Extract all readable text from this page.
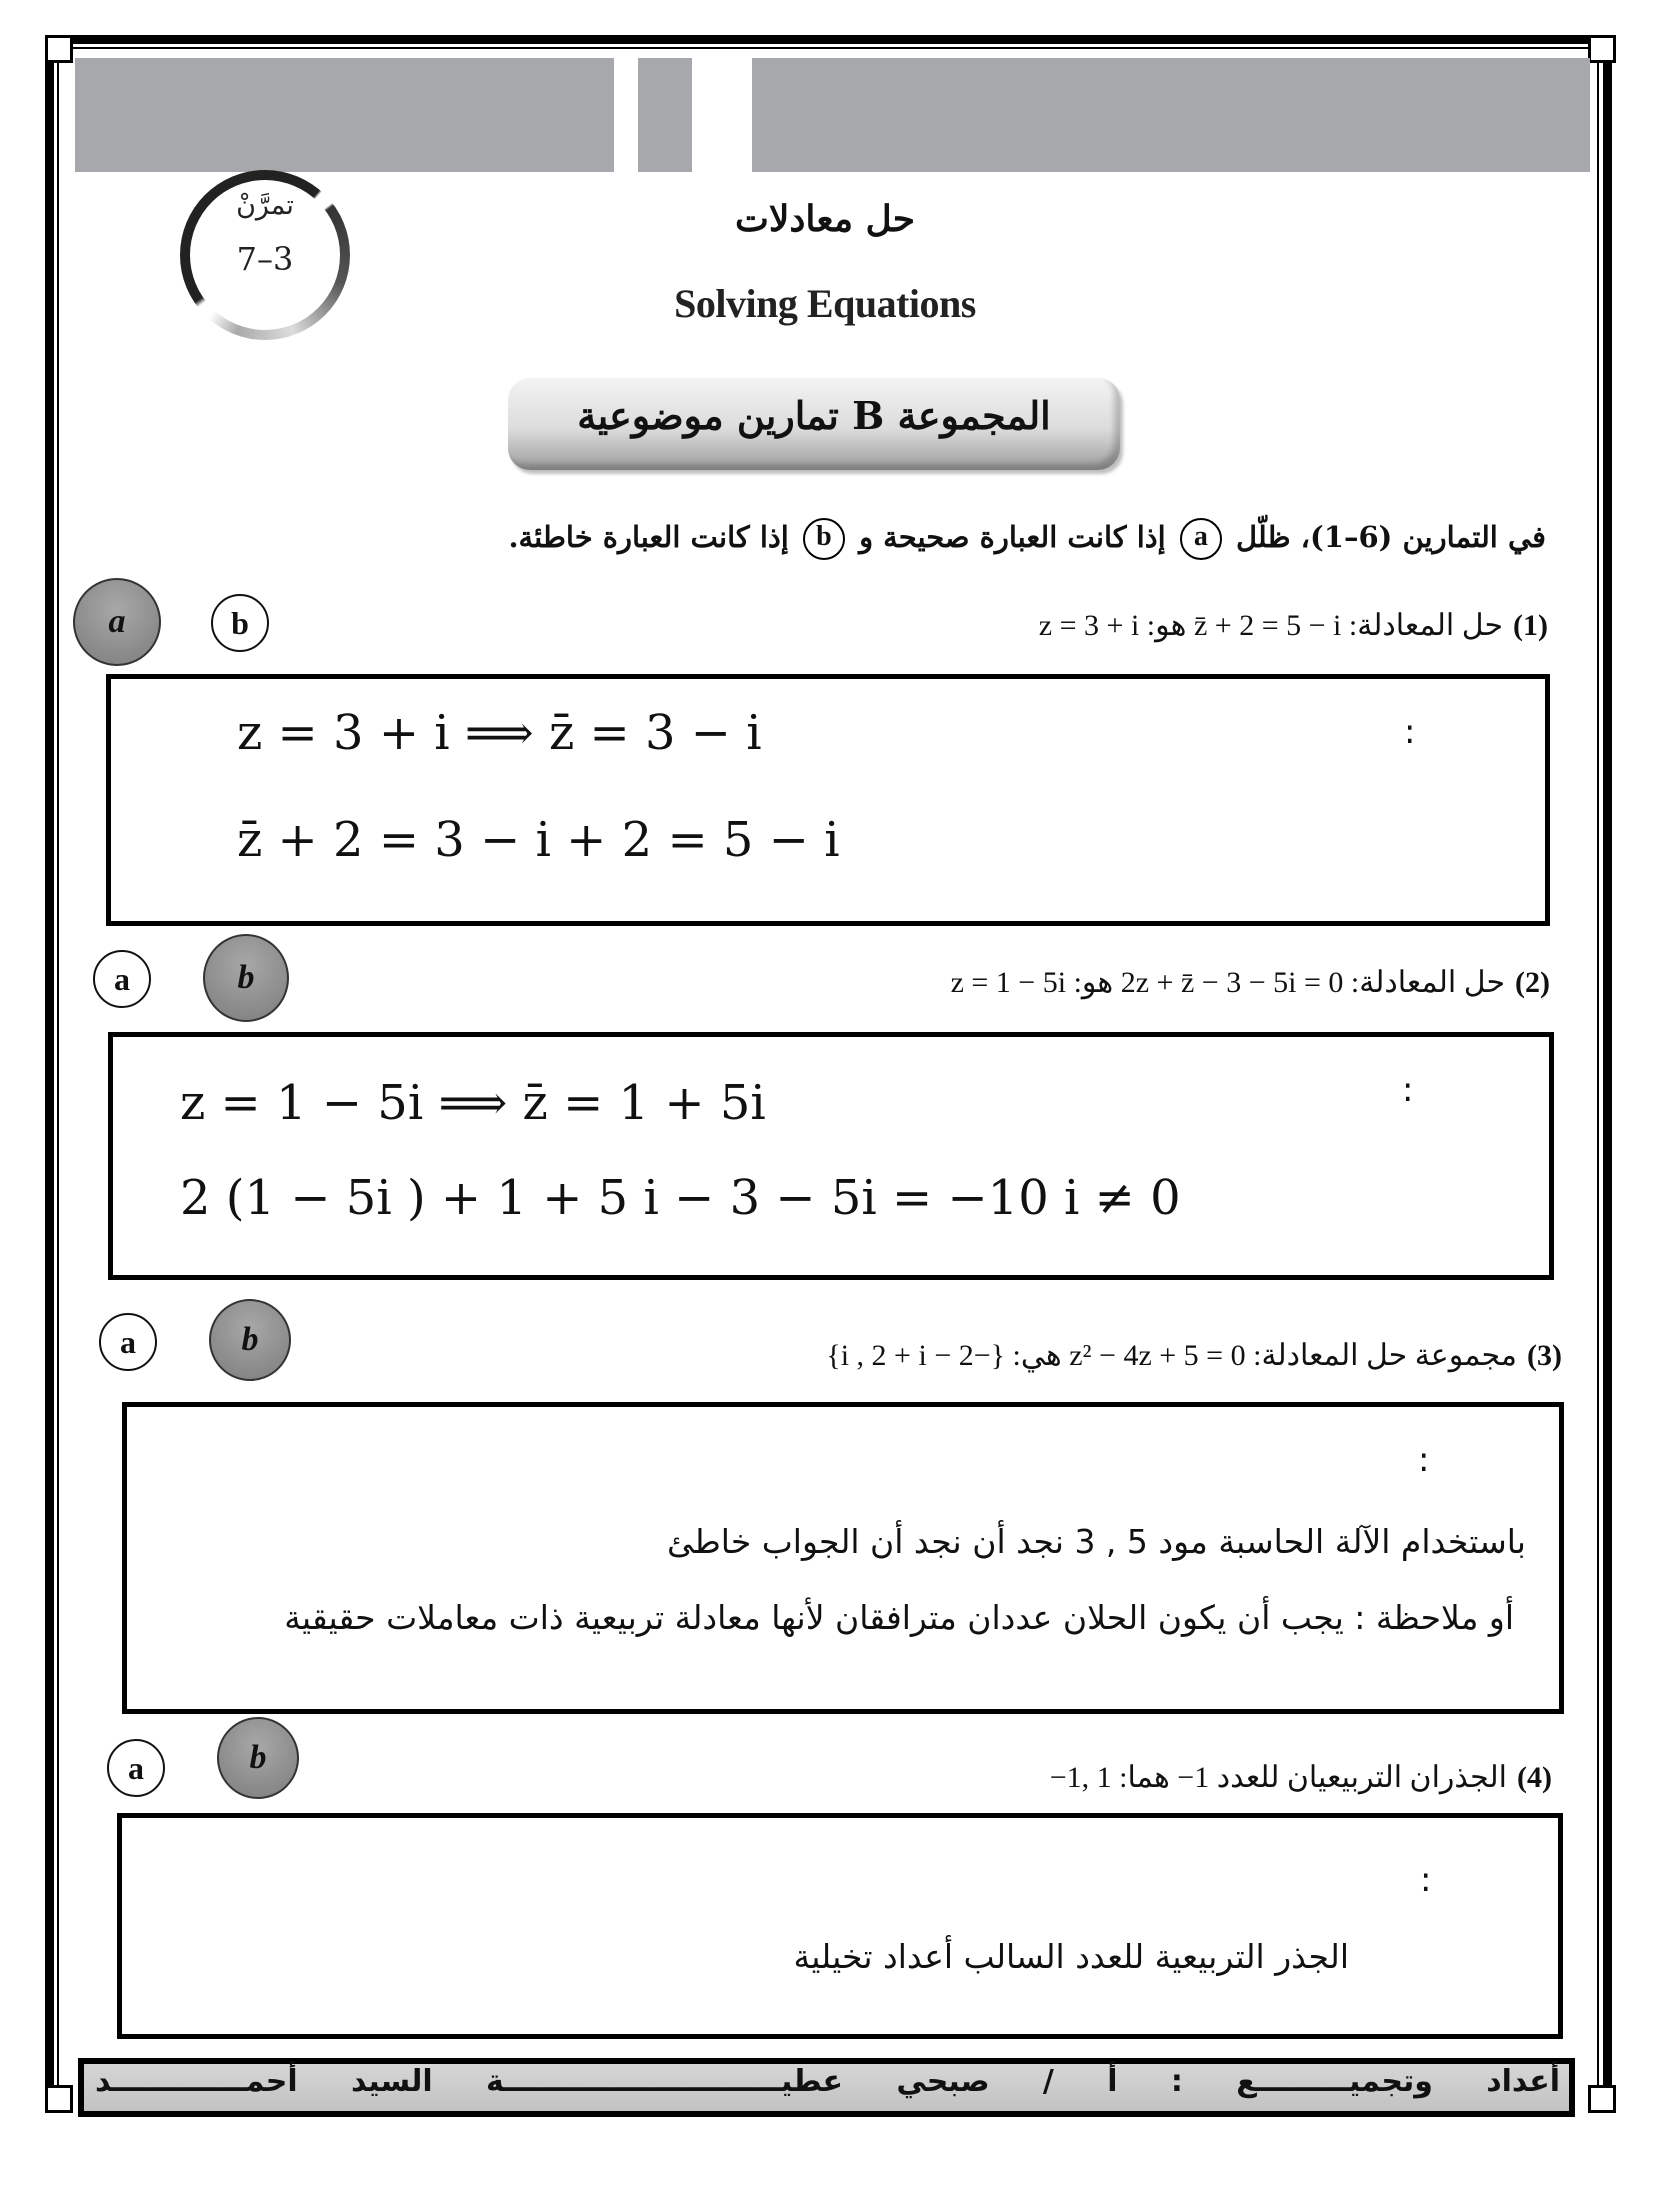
تمرَّنْ
7–3
حل معادلات
Solving Equations
المجموعة B تمارين موضوعية
في التمارين (6–1)، ظلّل a إذا كانت العبارة صحيحة و b إذا كانت العبارة خاطئة.
a	b	(1)حل المعادلة: z̄ + 2 = 5 − i هو: z = 3 + i
:
z = 3 + i ⟹ z̄ = 3 − i
z̄ + 2 = 3 − i + 2 = 5 − i
a	b	(2)حل المعادلة: 2z + z̄ − 3 − 5i = 0 هو: z = 1 − 5i
:
z = 1 − 5i ⟹ z̄ = 1 + 5i
2 (1 − 5i ) + 1 + 5 i − 3 − 5i = −10 i ≠ 0
a	b	(3)مجموعة حل المعادلة: z² − 4z + 5 = 0 هي: {−2 − i , 2 + i}
:
باستخدام الآلة الحاسبة مود 5 , 3 نجد أن نجد أن الجواب خاطئ
أو ملاحظة : يجب أن يكون الحلان عددان مترافقان لأنها معادلة تربيعية ذات معاملات حقيقية
a	b
(4)الجذران التربيعيان للعدد 1− هما: 1 ,1−
:
الجذر التربيعية للعدد السالب أعداد تخيلية
أعداد وتجميـــــــــع : أ / صبحي عطيـــــــــــــــــــــــــــة السيد أحمـــــــــــــد
